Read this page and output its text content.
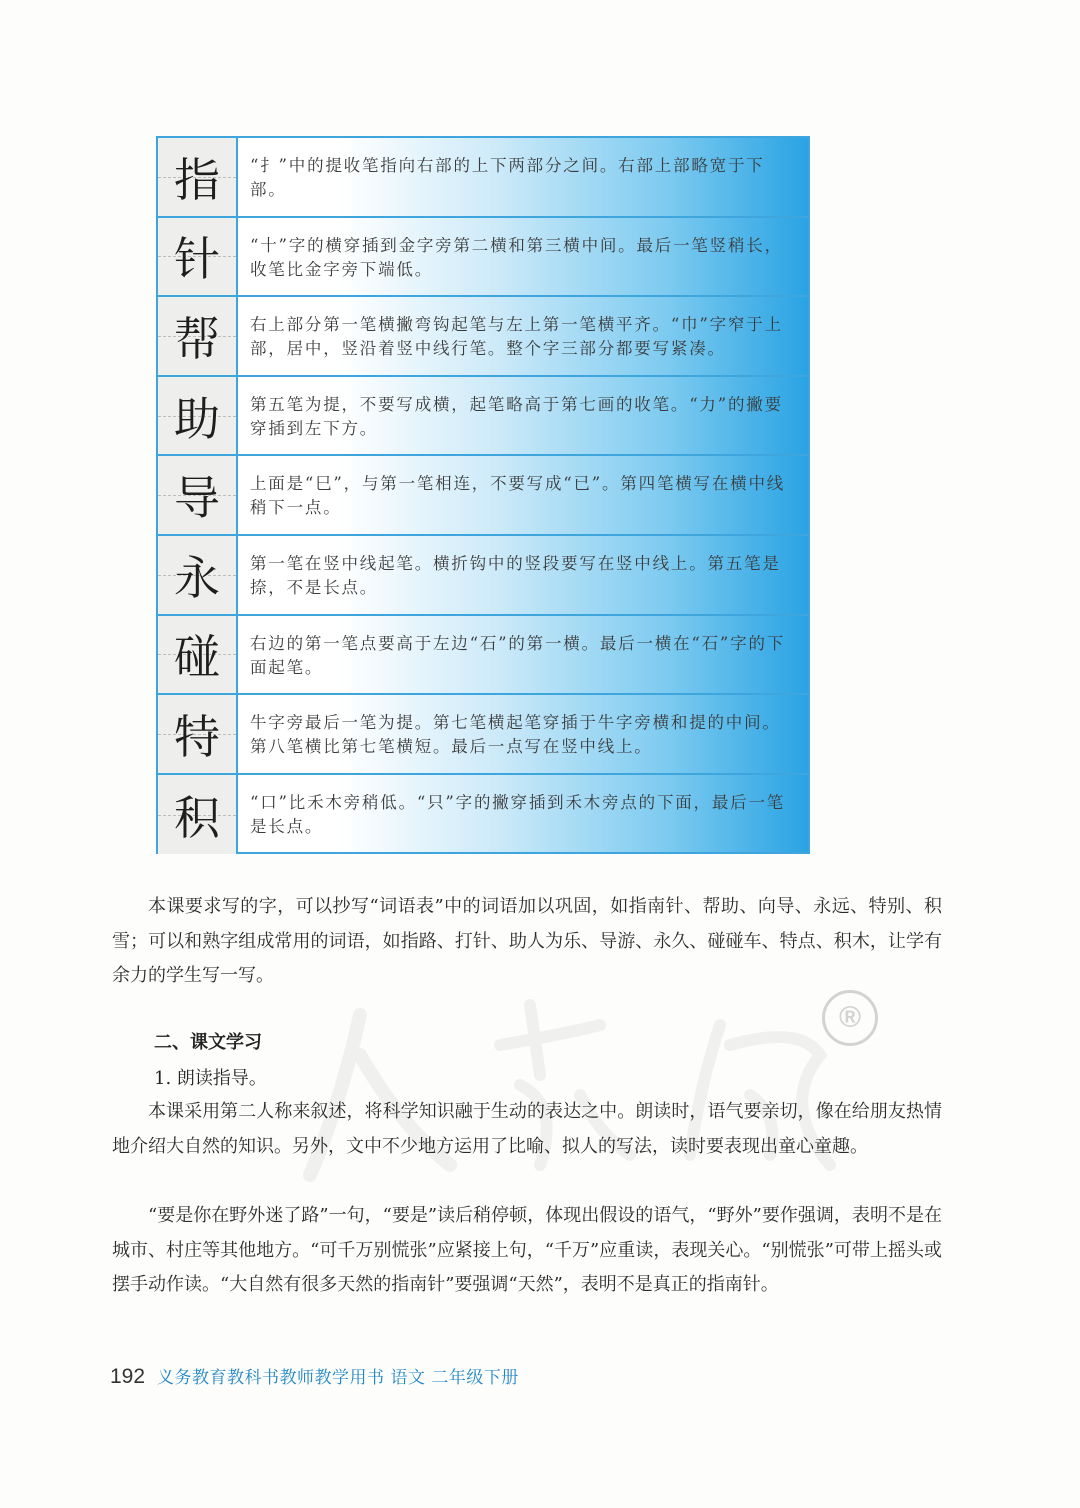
®
指 “扌”中的提收笔指向右部的上下两部分之间。右部上部略宽于下部。
针 “十”字的横穿插到金字旁第二横和第三横中间。最后一笔竖稍长，收笔比金字旁下端低。
帮 右上部分第一笔横撇弯钩起笔与左上第一笔横平齐。“巾”字窄于上部，居中，竖沿着竖中线行笔。整个字三部分都要写紧凑。
助 第五笔为提，不要写成横，起笔略高于第七画的收笔。“力”的撇要穿插到左下方。
导 上面是“巳”，与第一笔相连，不要写成“已”。第四笔横写在横中线稍下一点。
永 第一笔在竖中线起笔。横折钩中的竖段要写在竖中线上。第五笔是捺，不是长点。
碰 右边的第一笔点要高于左边“石”的第一横。最后一横在“石”字的下面起笔。
特 牛字旁最后一笔为提。第七笔横起笔穿插于牛字旁横和提的中间。第八笔横比第七笔横短。最后一点写在竖中线上。
积 “口”比禾木旁稍低。“只”字的撇穿插到禾木旁点的下面，最后一笔是长点。

本课要求写的字，可以抄写“词语表”中的词语加以巩固，如指南针、帮助、向导、永远、特别、积雪；可以和熟字组成常用的词语，如指路、打针、助人为乐、导游、永久、碰碰车、特点、积木，让学有余力的学生写一写。

二、课文学习
1. 朗读指导。

本课采用第二人称来叙述，将科学知识融于生动的表达之中。朗读时，语气要亲切，像在给朋友热情地介绍大自然的知识。另外，文中不少地方运用了比喻、拟人的写法，读时要表现出童心童趣。

“要是你在野外迷了路”一句，“要是”读后稍停顿，体现出假设的语气，“野外”要作强调，表明不是在城市、村庄等其他地方。“可千万别慌张”应紧接上句，“千万”应重读，表现关心。“别慌张”可带上摇头或摆手动作读。“大自然有很多天然的指南针”要强调“天然”，表明不是真正的指南针。

192 义务教育教科书教师教学用书 语文 二年级下册
